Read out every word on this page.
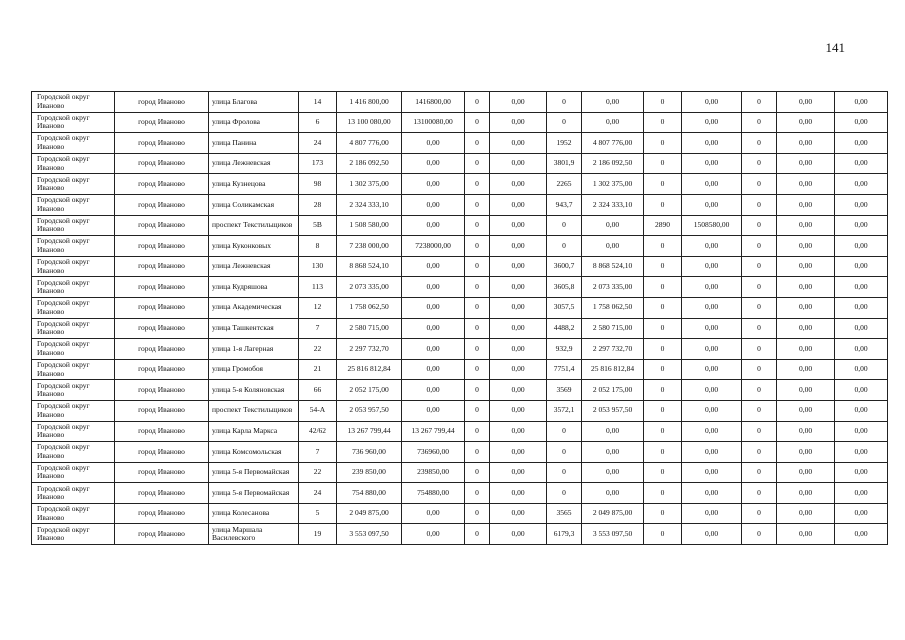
141
Городской округ Иваново	город Иваново	улица Благова	14	1 416 800,00	1416800,00	0	0,00	0	0,00	0	0,00	0	0,00	0,00
Городской округ Иваново	город Иваново	улица Фролова	6	13 100 080,00	13100080,00	0	0,00	0	0,00	0	0,00	0	0,00	0,00
Городской округ Иваново	город Иваново	улица Панина	24	4 807 776,00	0,00	0	0,00	1952	4 807 776,00	0	0,00	0	0,00	0,00
Городской округ Иваново	город Иваново	улица Лежневская	173	2 186 092,50	0,00	0	0,00	3801,9	2 186 092,50	0	0,00	0	0,00	0,00
Городской округ Иваново	город Иваново	улица Кузнецова	98	1 302 375,00	0,00	0	0,00	2265	1 302 375,00	0	0,00	0	0,00	0,00
Городской округ Иваново	город Иваново	улица Соликамская	28	2 324 333,10	0,00	0	0,00	943,7	2 324 333,10	0	0,00	0	0,00	0,00
Городской округ Иваново	город Иваново	проспект Текстильщиков	5В	1 508 580,00	0,00	0	0,00	0	0,00	2890	1508580,00	0	0,00	0,00
Городской округ Иваново	город Иваново	улица Куконковых	8	7 238 000,00	7238000,00	0	0,00	0	0,00	0	0,00	0	0,00	0,00
Городской округ Иваново	город Иваново	улица Лежневская	130	8 868 524,10	0,00	0	0,00	3600,7	8 868 524,10	0	0,00	0	0,00	0,00
Городской округ Иваново	город Иваново	улица Кудряшова	113	2 073 335,00	0,00	0	0,00	3605,8	2 073 335,00	0	0,00	0	0,00	0,00
Городской округ Иваново	город Иваново	улица Академическая	12	1 758 062,50	0,00	0	0,00	3057,5	1 758 062,50	0	0,00	0	0,00	0,00
Городской округ Иваново	город Иваново	улица Ташкентская	7	2 580 715,00	0,00	0	0,00	4488,2	2 580 715,00	0	0,00	0	0,00	0,00
Городской округ Иваново	город Иваново	улица 1-я Лагерная	22	2 297 732,70	0,00	0	0,00	932,9	2 297 732,70	0	0,00	0	0,00	0,00
Городской округ Иваново	город Иваново	улица Громобоя	21	25 816 812,84	0,00	0	0,00	7751,4	25 816 812,84	0	0,00	0	0,00	0,00
Городской округ Иваново	город Иваново	улица 5-я Коляновская	66	2 052 175,00	0,00	0	0,00	3569	2 052 175,00	0	0,00	0	0,00	0,00
Городской округ Иваново	город Иваново	проспект Текстильщиков	54-А	2 053 957,50	0,00	0	0,00	3572,1	2 053 957,50	0	0,00	0	0,00	0,00
Городской округ Иваново	город Иваново	улица Карла Маркса	42/62	13 267 799,44	13 267 799,44	0	0,00	0	0,00	0	0,00	0	0,00	0,00
Городской округ Иваново	город Иваново	улица Комсомольская	7	736 960,00	736960,00	0	0,00	0	0,00	0	0,00	0	0,00	0,00
Городской округ Иваново	город Иваново	улица 5-я Первомайская	22	239 850,00	239850,00	0	0,00	0	0,00	0	0,00	0	0,00	0,00
Городской округ Иваново	город Иваново	улица 5-я Первомайская	24	754 880,00	754880,00	0	0,00	0	0,00	0	0,00	0	0,00	0,00
Городской округ Иваново	город Иваново	улица Колесанова	5	2 049 875,00	0,00	0	0,00	3565	2 049 875,00	0	0,00	0	0,00	0,00
Городской округ Иваново	город Иваново	улица Маршала Василевского	19	3 553 097,50	0,00	0	0,00	6179,3	3 553 097,50	0	0,00	0	0,00	0,00
